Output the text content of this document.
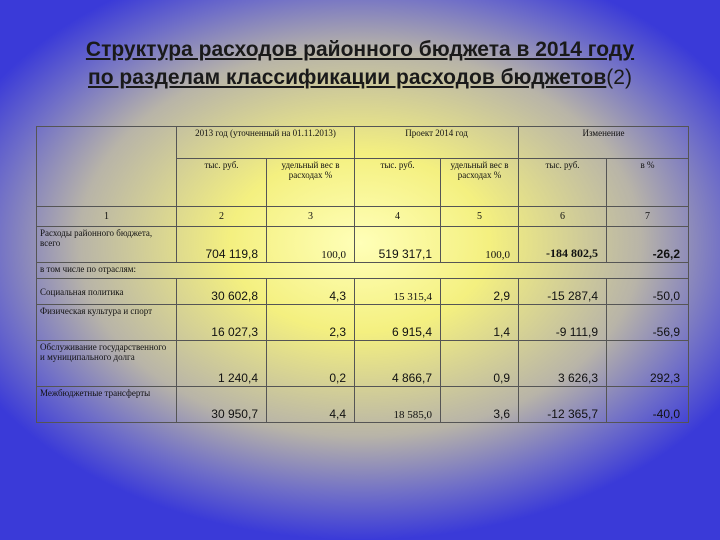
Структура расходов районного бюджета в 2014 году
по разделам классификации расходов бюджетов(2)
	2013 год (уточненный на 01.11.2013)		Проект 2014 год		Изменение	
	тыс. руб.	удельный вес в расходах %	тыс. руб.	удельный вес в расходах %	тыс. руб.	в %
1	2	3	4	5	6	7
Расходы районного бюджета, всего	704 119,8	100,0	519 317,1	100,0	-184 802,5	-26,2
в том числе по отраслям:						
Социальная политика	30 602,8	4,3	15 315,4	2,9	-15 287,4	-50,0
Физическая культура и спорт	16 027,3	2,3	6 915,4	1,4	-9 111,9	-56,9
Обслуживание государственного и муниципального долга	1 240,4	0,2	4 866,7	0,9	3 626,3	292,3
Межбюджетные трансферты	30 950,7	4,4	18 585,0	3,6	-12 365,7	-40,0
